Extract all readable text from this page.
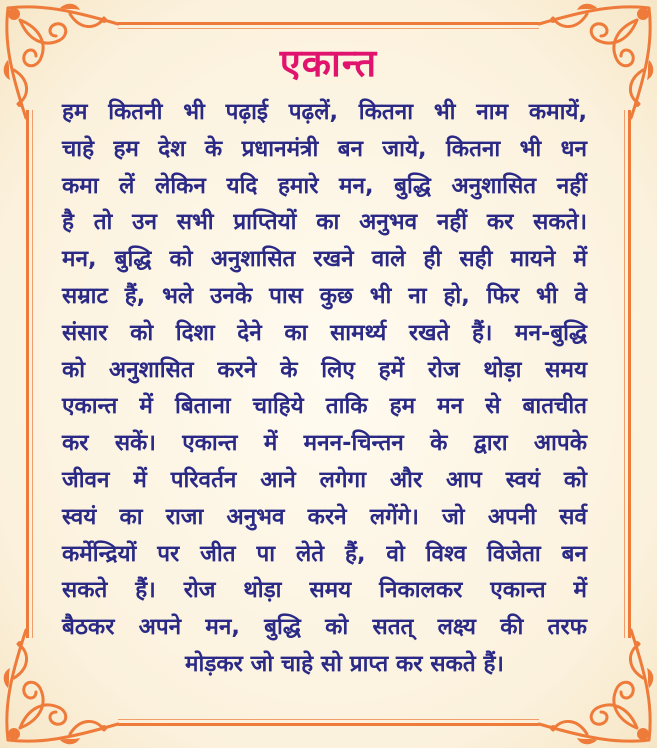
एकान्त
हम कितनी भी पढ़ाई पढ़लें, कितना भी नाम कमायें,
चाहे हम देश के प्रधानमंत्री बन जाये, कितना भी धन
कमा लें लेकिन यदि हमारे मन, बुद्धि अनुशासित नहीं
है तो उन सभी प्राप्तियों का अनुभव नहीं कर सकते।
मन, बुद्धि को अनुशासित रखने वाले ही सही मायने में
सम्राट हैं, भले उनके पास कुछ भी ना हो, फिर भी वे
संसार को दिशा देने का सामर्थ्य रखते हैं। मन-बुद्धि
को अनुशासित करने के लिए हमें रोज थोड़ा समय
एकान्त में बिताना चाहिये ताकि हम मन से बातचीत
कर सकें। एकान्त में मनन-चिन्तन के द्वारा आपके
जीवन में परिवर्तन आने लगेगा और आप स्वयं को
स्वयं का राजा अनुभव करने लगेंगे। जो अपनी सर्व
कर्मेन्द्रियों पर जीत पा लेते हैं, वो विश्व विजेता बन
सकते हैं। रोज थोड़ा समय निकालकर एकान्त में
बैठकर अपने मन, बुद्धि को सतत् लक्ष्य की तरफ
मोड़कर जो चाहे सो प्राप्त कर सकते हैं।
